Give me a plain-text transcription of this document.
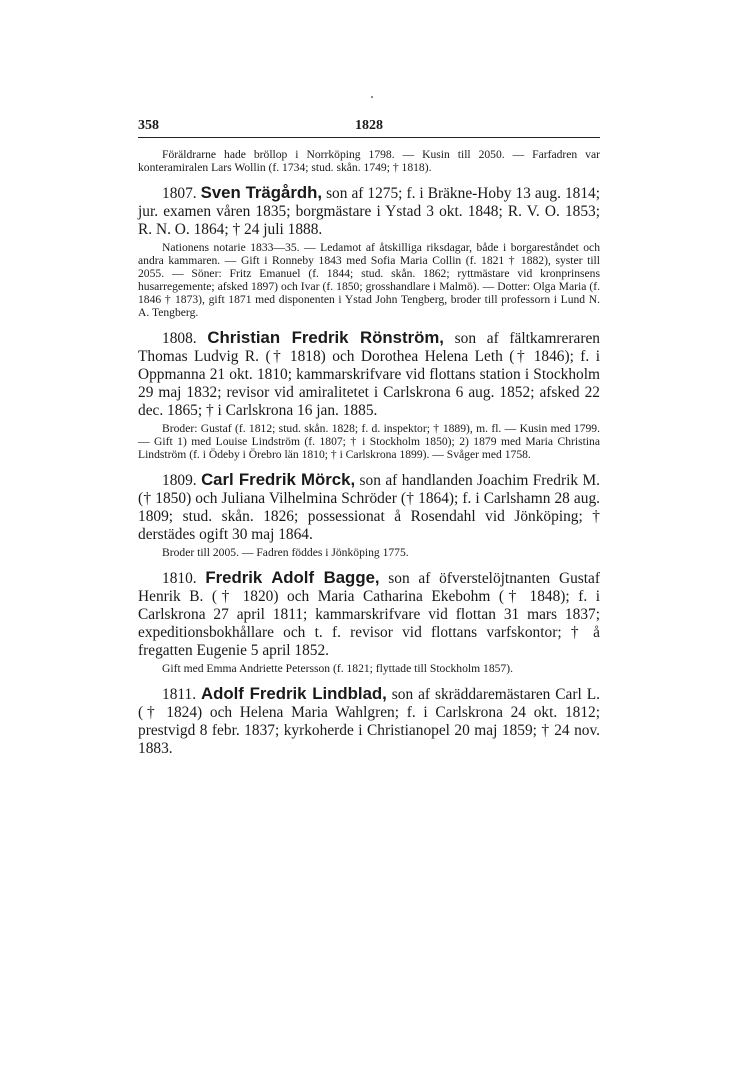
358	1828

Föräldrarne hade bröllop i Norrköping 1798. — Kusin till 2050. — Farfadren var konteramiralen Lars Wollin (f. 1734; stud. skån. 1749; † 1818).

1807. Sven Trägårdh, son af 1275; f. i Bräkne-Hoby 13 aug. 1814; jur. examen våren 1835; borgmästare i Ystad 3 okt. 1848; R. V. O. 1853; R. N. O. 1864; † 24 juli 1888.

Nationens notarie 1833—35. — Ledamot af åtskilliga riksdagar, både i borgareståndet och andra kammaren. — Gift i Ronneby 1843 med Sofia Maria Collin (f. 1821 † 1882), syster till 2055. — Söner: Fritz Emanuel (f. 1844; stud. skån. 1862; ryttmästare vid kronprinsens husarregemente; afsked 1897) och Ivar (f. 1850; grosshandlare i Malmö). — Dotter: Olga Maria (f. 1846 † 1873), gift 1871 med disponenten i Ystad John Tengberg, broder till professorn i Lund N. A. Tengberg.

1808. Christian Fredrik Rönström, son af fältkamreraren Thomas Ludvig R. († 1818) och Dorothea Helena Leth († 1846); f. i Oppmanna 21 okt. 1810; kammarskrifvare vid flottans station i Stockholm 29 maj 1832; revisor vid amiralitetet i Carlskrona 6 aug. 1852; afsked 22 dec. 1865; † i Carlskrona 16 jan. 1885.

Broder: Gustaf (f. 1812; stud. skån. 1828; f. d. inspektor; † 1889), m. fl. — Kusin med 1799. — Gift 1) med Louise Lindström (f. 1807; † i Stockholm 1850); 2) 1879 med Maria Christina Lindström (f. i Ödeby i Örebro län 1810; † i Carlskrona 1899). — Svåger med 1758.

1809. Carl Fredrik Mörck, son af handlanden Joachim Fredrik M. († 1850) och Juliana Vilhelmina Schröder († 1864); f. i Carlshamn 28 aug. 1809; stud. skån. 1826; possessionat å Rosendahl vid Jönköping; † derstädes ogift 30 maj 1864.

Broder till 2005. — Fadren föddes i Jönköping 1775.

1810. Fredrik Adolf Bagge, son af öfverstelöjtnanten Gustaf Henrik B. († 1820) och Maria Catharina Ekebohm († 1848); f. i Carlskrona 27 april 1811; kammarskrifvare vid flottan 31 mars 1837; expeditionsbokhållare och t. f. revisor vid flottans varfskontor; † å fregatten Eugenie 5 april 1852.

Gift med Emma Andriette Petersson (f. 1821; flyttade till Stockholm 1857).

1811. Adolf Fredrik Lindblad, son af skräddaremästaren Carl L. († 1824) och Helena Maria Wahlgren; f. i Carlskrona 24 okt. 1812; prestvigd 8 febr. 1837; kyrkoherde i Christianopel 20 maj 1859; † 24 nov. 1883.
